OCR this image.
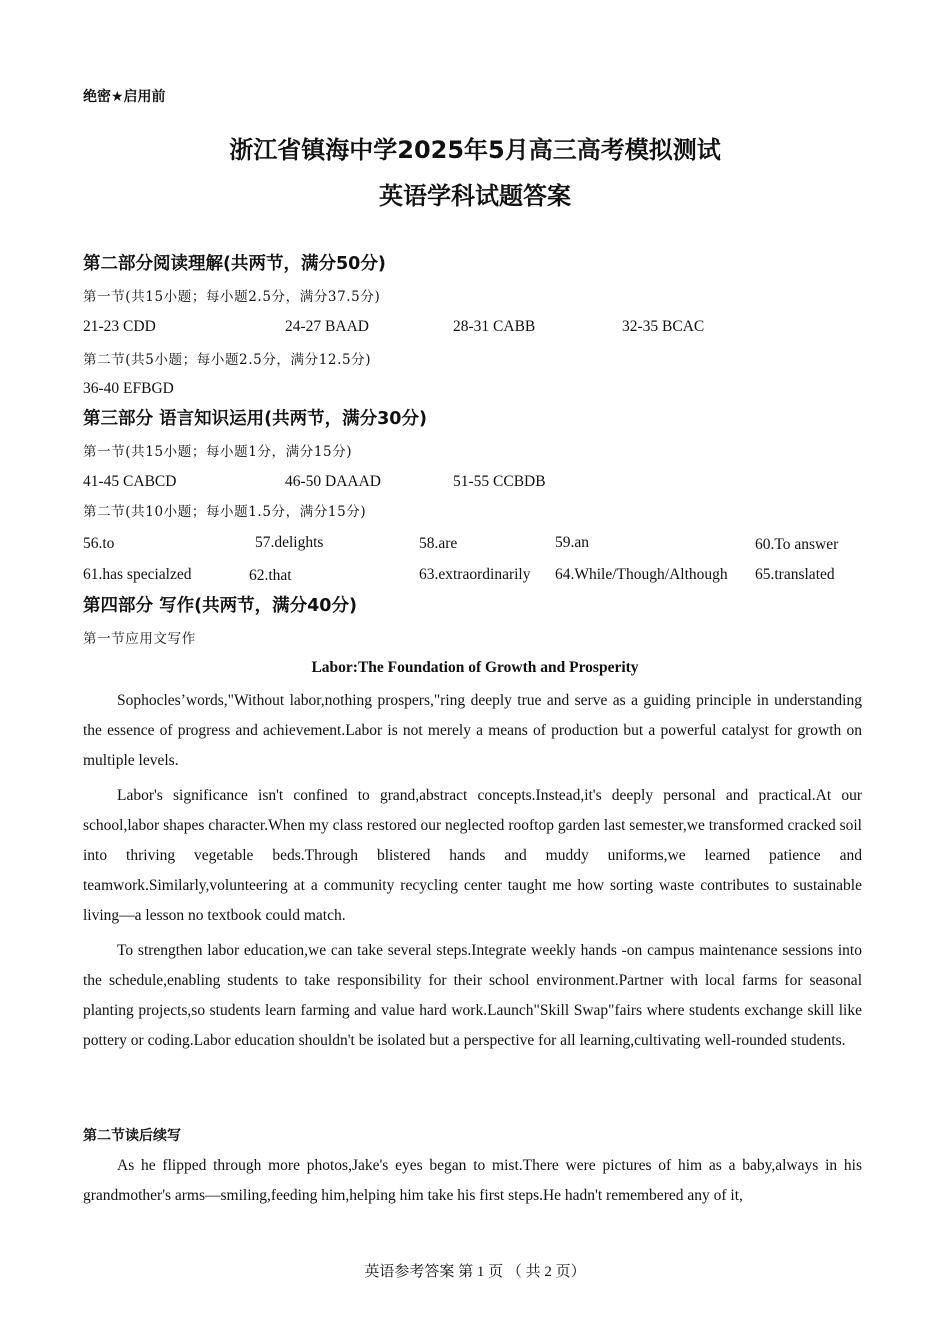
绝密★启用前
浙江省镇海中学2025年5月高三高考模拟测试
英语学科试题答案
第二部分阅读理解(共两节，满分50分)
第一节(共15小题；每小题2.5分，满分37.5分)
21-23 CDD	24-27 BAAD	28-31 CABB	32-35 BCAC
第二节(共5小题；每小题2.5分，满分12.5分)
36-40 EFBGD
第三部分 语言知识运用(共两节，满分30分)
第一节(共15小题；每小题1分，满分15分)
41-45 CABCD	46-50 DAAAD	51-55 CCBDB
第二节(共10小题；每小题1.5分，满分15分)
56.to	57.delights	58.are	59.an	60.To answer
61.has specialzed	62.that	63.extraordinarily 64.While/Though/Although 65.translated
第四部分 写作(共两节，满分40分)
第一节应用文写作
Labor:The Foundation of Growth and Prosperity

Sophocles’words,"Without labor,nothing prospers,"ring deeply true and serve as a guiding principle in understanding the essence of progress and achievement.Labor is not merely a means of production but a powerful catalyst for growth on multiple levels.

Labor's significance isn't confined to grand,abstract concepts.Instead,it's deeply personal and practical.At our school,labor shapes character.When my class restored our neglected rooftop garden last semester,we transformed cracked soil into thriving vegetable beds.Through blistered hands and muddy uniforms,we learned patience and teamwork.Similarly,volunteering at a community recycling center taught me how sorting waste contributes to sustainable living—a lesson no textbook could match.

To strengthen labor education,we can take several steps.Integrate weekly hands -on campus maintenance sessions into the schedule,enabling students to take responsibility for their school environment.Partner with local farms for seasonal planting projects,so students learn farming and value hard work.Launch"Skill Swap"fairs where students exchange skill like pottery or coding.Labor education shouldn't be isolated but a perspective for all learning,cultivating well-rounded students.

第二节读后续写

As he flipped through more photos,Jake's eyes began to mist.There were pictures of him as a baby,always in his grandmother's arms—smiling,feeding him,helping him take his first steps.He hadn't remembered any of it,

英语参考答案 第 1 页 （ 共 2 页）
